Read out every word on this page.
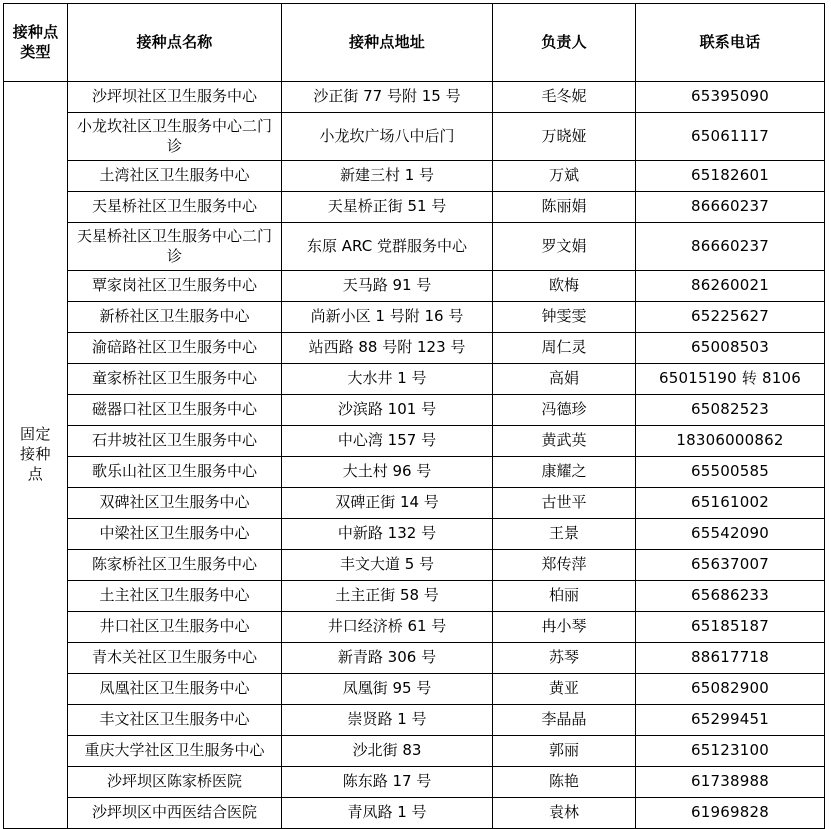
接种点类型	接种点名称	接种点地址	负责人	联系电话

固定
接种
点	沙坪坝社区卫生服务中心	沙正街 77 号附 15 号	毛冬妮	65395090
	小龙坎社区卫生服务中心二门诊	小龙坎广场八中后门	万晓娅	65061117
	土湾社区卫生服务中心	新建三村 1 号	万斌	65182601
	天星桥社区卫生服务中心	天星桥正街 51 号	陈丽娟	86660237
	天星桥社区卫生服务中心二门诊	东原 ARC 党群服务中心	罗文娟	86660237
	覃家岗社区卫生服务中心	天马路 91 号	欧梅	86260021
	新桥社区卫生服务中心	尚新小区 1 号附 16 号	钟雯雯	65225627
	渝碚路社区卫生服务中心	站西路 88 号附 123 号	周仁灵	65008503
	童家桥社区卫生服务中心	大水井 1 号	高娟	65015190 转 8106
	磁器口社区卫生服务中心	沙滨路 101 号	冯德珍	65082523
	石井坡社区卫生服务中心	中心湾 157 号	黄武英	18306000862
	歌乐山社区卫生服务中心	大土村 96 号	康耀之	65500585
	双碑社区卫生服务中心	双碑正街 14 号	古世平	65161002
	中梁社区卫生服务中心	中新路 132 号	王景	65542090
	陈家桥社区卫生服务中心	丰文大道 5 号	郑传萍	65637007
	土主社区卫生服务中心	土主正街 58 号	柏丽	65686233
	井口社区卫生服务中心	井口经济桥 61 号	冉小琴	65185187
	青木关社区卫生服务中心	新青路 306 号	苏琴	88617718
	凤凰社区卫生服务中心	凤凰街 95 号	黄亚	65082900
	丰文社区卫生服务中心	崇贤路 1 号	李晶晶	65299451
	重庆大学社区卫生服务中心	沙北街 83	郭丽	65123100
	沙坪坝区陈家桥医院	陈东路 17 号	陈艳	61738988
	沙坪坝区中西医结合医院	青凤路 1 号	袁林	61969828
